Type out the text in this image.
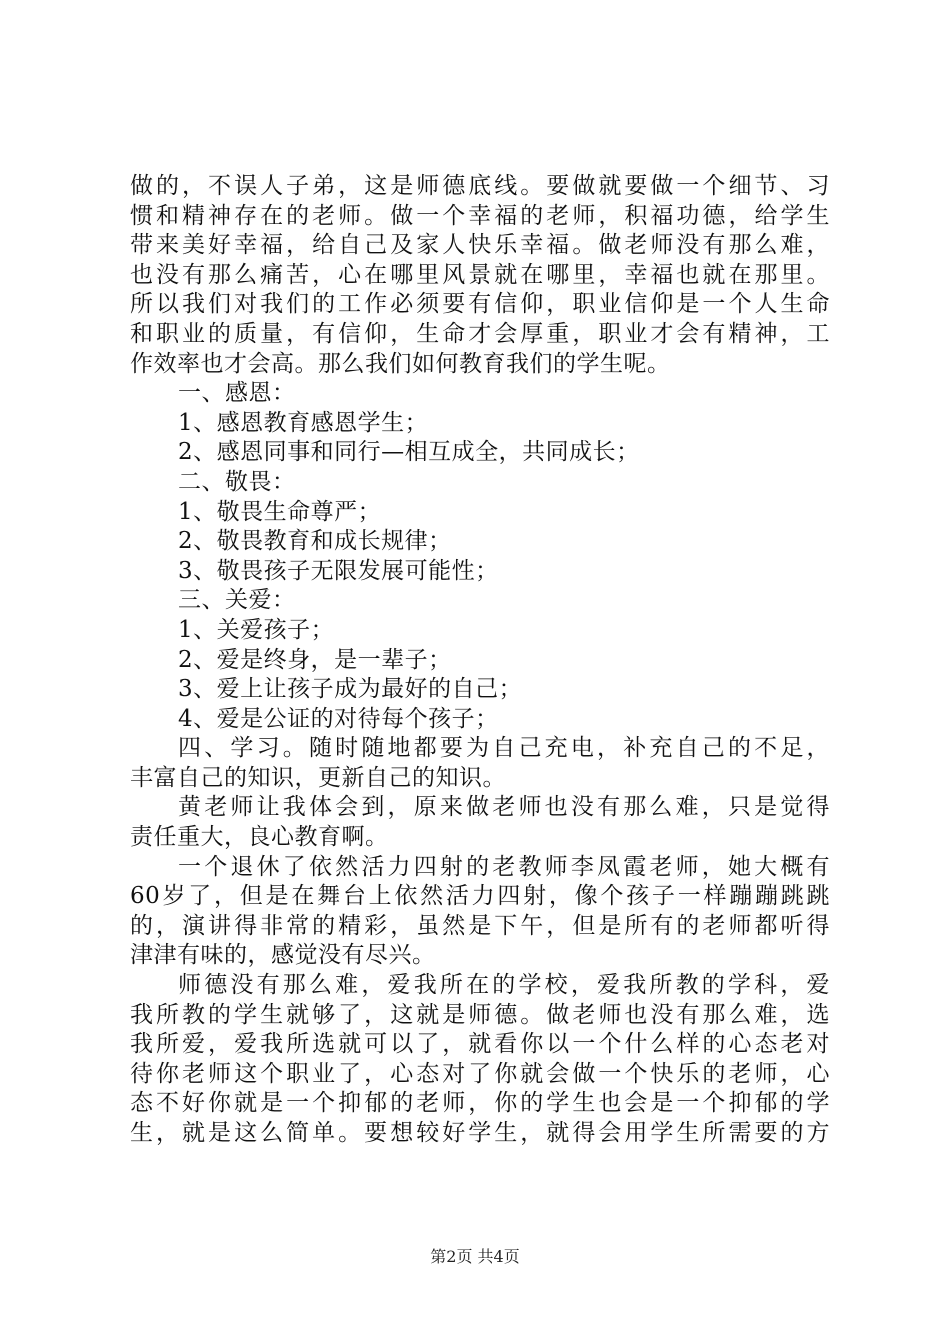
做的，不误人子弟，这是师德底线。要做就要做一个细节、习
惯和精神存在的老师。做一个幸福的老师，积福功德，给学生
带来美好幸福，给自己及家人快乐幸福。做老师没有那么难，
也没有那么痛苦，心在哪里风景就在哪里，幸福也就在那里。
所以我们对我们的工作必须要有信仰，职业信仰是一个人生命
和职业的质量，有信仰，生命才会厚重，职业才会有精神，工
作效率也才会高。那么我们如何教育我们的学生呢。
一、感恩：
1、感恩教育感恩学生；
2、感恩同事和同行—相互成全，共同成长；
二、敬畏：
1、敬畏生命尊严；
2、敬畏教育和成长规律；
3、敬畏孩子无限发展可能性；
三、关爱：
1、关爱孩子；
2、爱是终身，是一辈子；
3、爱上让孩子成为最好的自己；
4、爱是公证的对待每个孩子；
四、学习。随时随地都要为自己充电，补充自己的不足，
丰富自己的知识，更新自己的知识。
黄老师让我体会到，原来做老师也没有那么难，只是觉得
责任重大，良心教育啊。
一个退休了依然活力四射的老教师李凤霞老师，她大概有
60岁了，但是在舞台上依然活力四射，像个孩子一样蹦蹦跳跳
的，演讲得非常的精彩，虽然是下午，但是所有的老师都听得
津津有味的，感觉没有尽兴。
师德没有那么难，爱我所在的学校，爱我所教的学科，爱
我所教的学生就够了，这就是师德。做老师也没有那么难，选
我所爱，爱我所选就可以了，就看你以一个什么样的心态老对
待你老师这个职业了，心态对了你就会做一个快乐的老师，心
态不好你就是一个抑郁的老师，你的学生也会是一个抑郁的学
生，就是这么简单。要想较好学生，就得会用学生所需要的方
第2页 共4页
